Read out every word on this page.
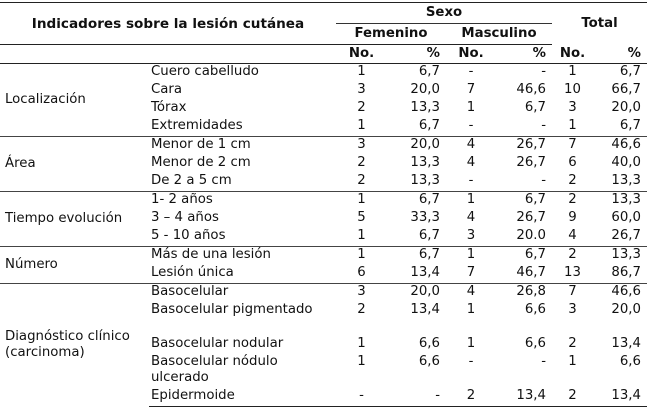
Indicadores sobre la lesión cutánea		Sexo				Total	
		Femenino		Masculino			
		No.	%	No.	%	No.	%
Localización	Cuero cabelludo	1	6,7	-	-	1	6,7
	Cara	3	20,0	7	46,6	10	66,7
	Tórax	2	13,3	1	6,7	3	20,0
	Extremidades	1	6,7	-	-	1	6,7
Área	Menor de 1 cm	3	20,0	4	26,7	7	46,6
	Menor de 2 cm	2	13,3	4	26,7	6	40,0
	De 2 a 5 cm	2	13,3	-	-	2	13,3
Tiempo evolución	1- 2 años	1	6,7	1	6,7	2	13,3
	3 – 4 años	5	33,3	4	26,7	9	60,0
	5 - 10 años	1	6,7	3	20.0	4	26,7
Número	Más de una lesión	1	6,7	1	6,7	2	13,3
	Lesión única	6	13,4	7	46,7	13	86,7
Diagnóstico clínico (carcinoma)	Basocelular	3	20,0	4	26,8	7	46,6
	Basocelular pigmentado	2	13,4	1	6,6	3	20,0
	Basocelular nodular	1	6,6	1	6,6	2	13,4
	Basocelular nódulo ulcerado	1	6,6	-	-	1	6,6
	Epidermoide	-	-	2	13,4	2	13,4
